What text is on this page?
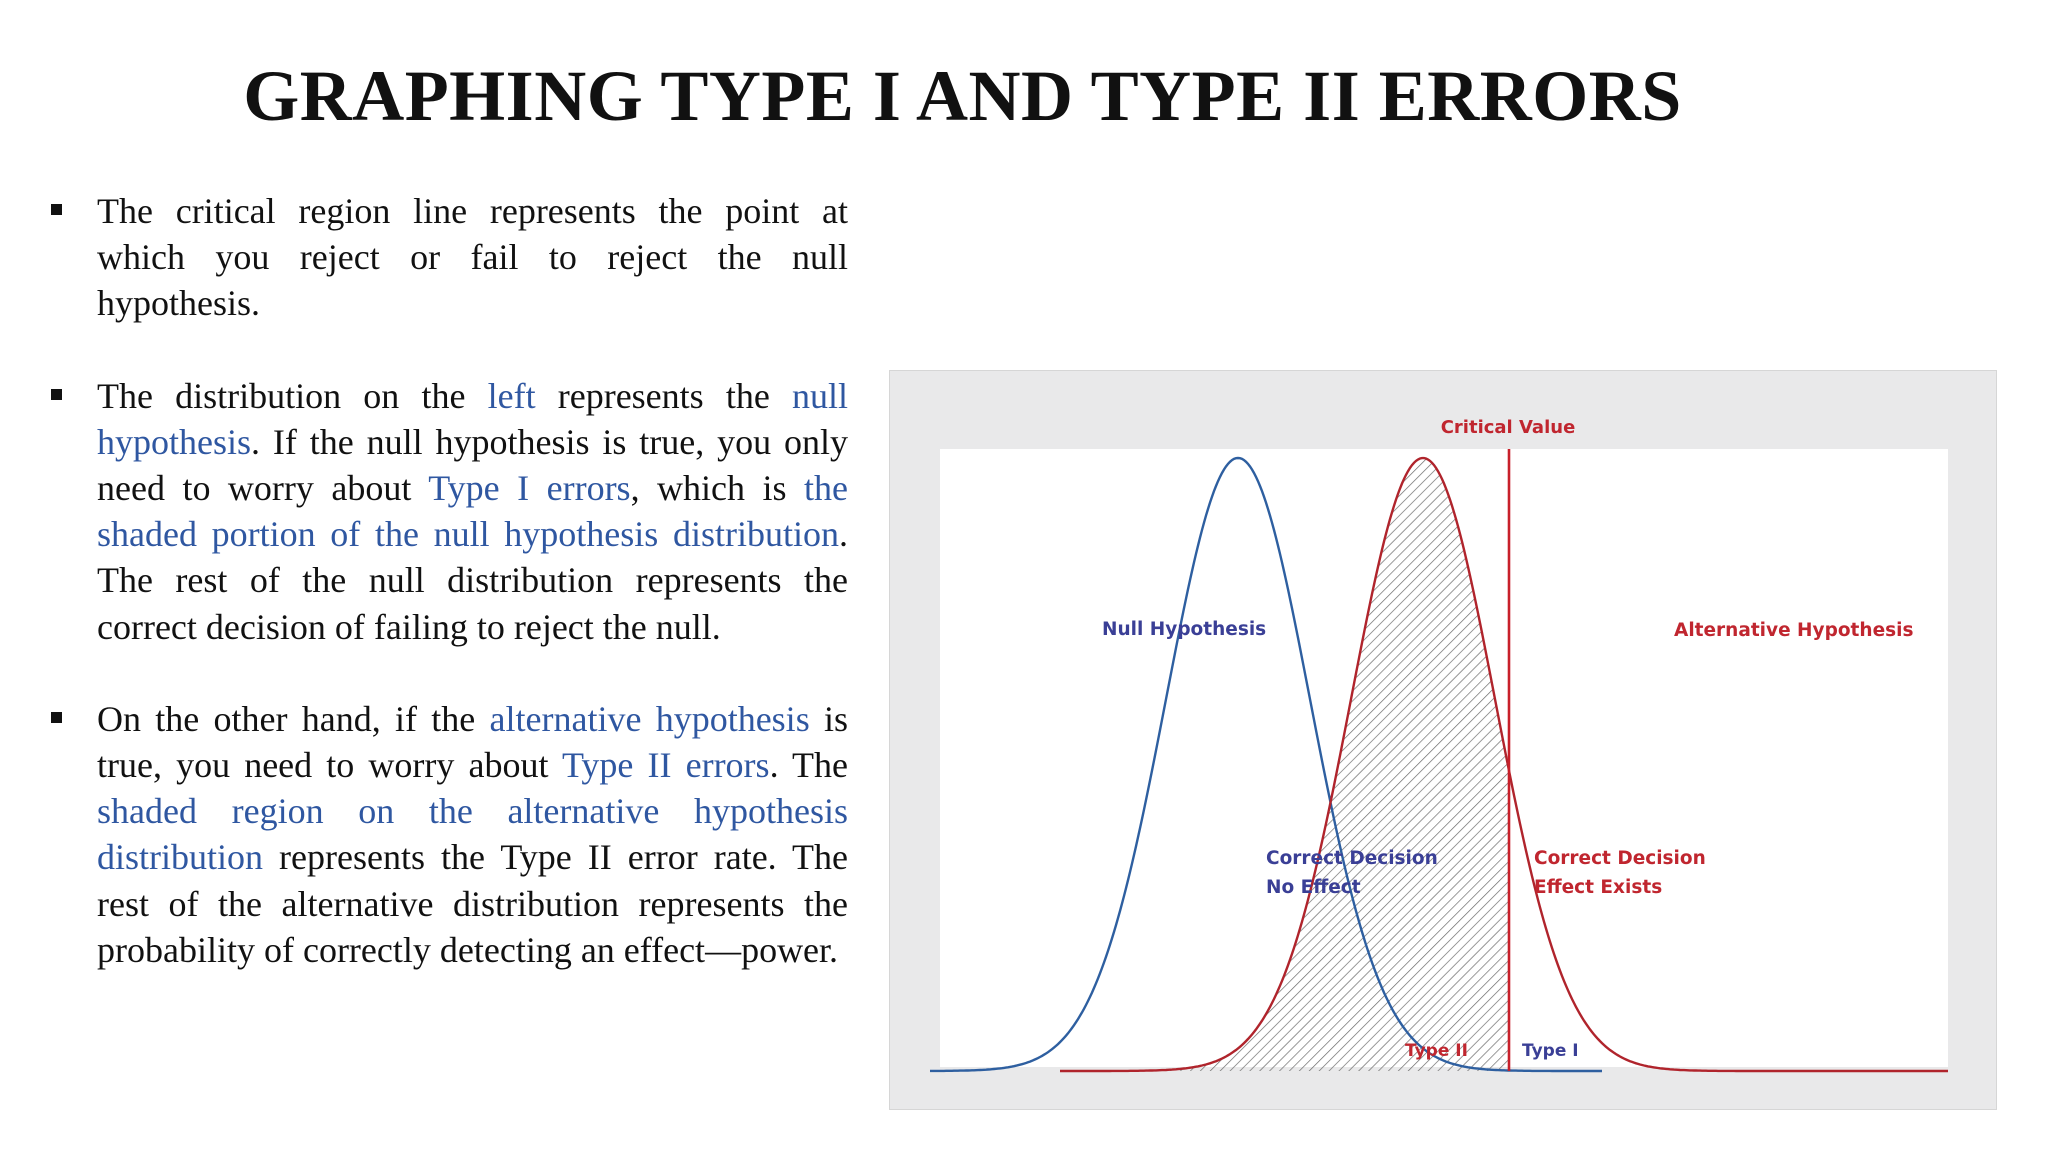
GRAPHING TYPE I AND TYPE II ERRORS
The critical region line represents the point at which you reject or fail to reject the null hypothesis.
The distribution on the left represents the null hypothesis. If the null hypothesis is true, you only need to worry about Type I errors, which is the shaded portion of the null hypothesis distribution. The rest of the null distribution represents the correct decision of failing to reject the null.
On the other hand, if the alternative hypothesis is true, you need to worry about Type II errors. The shaded region on the alternative hypothesis distribution represents the Type II error rate. The rest of the alternative distribution represents the probability of correctly detecting an effect—power.
Critical Value
Null Hypothesis	Alternative Hypothesis
Correct Decision
No Effect
Correct Decision
Effect Exists
Type II	Type I
